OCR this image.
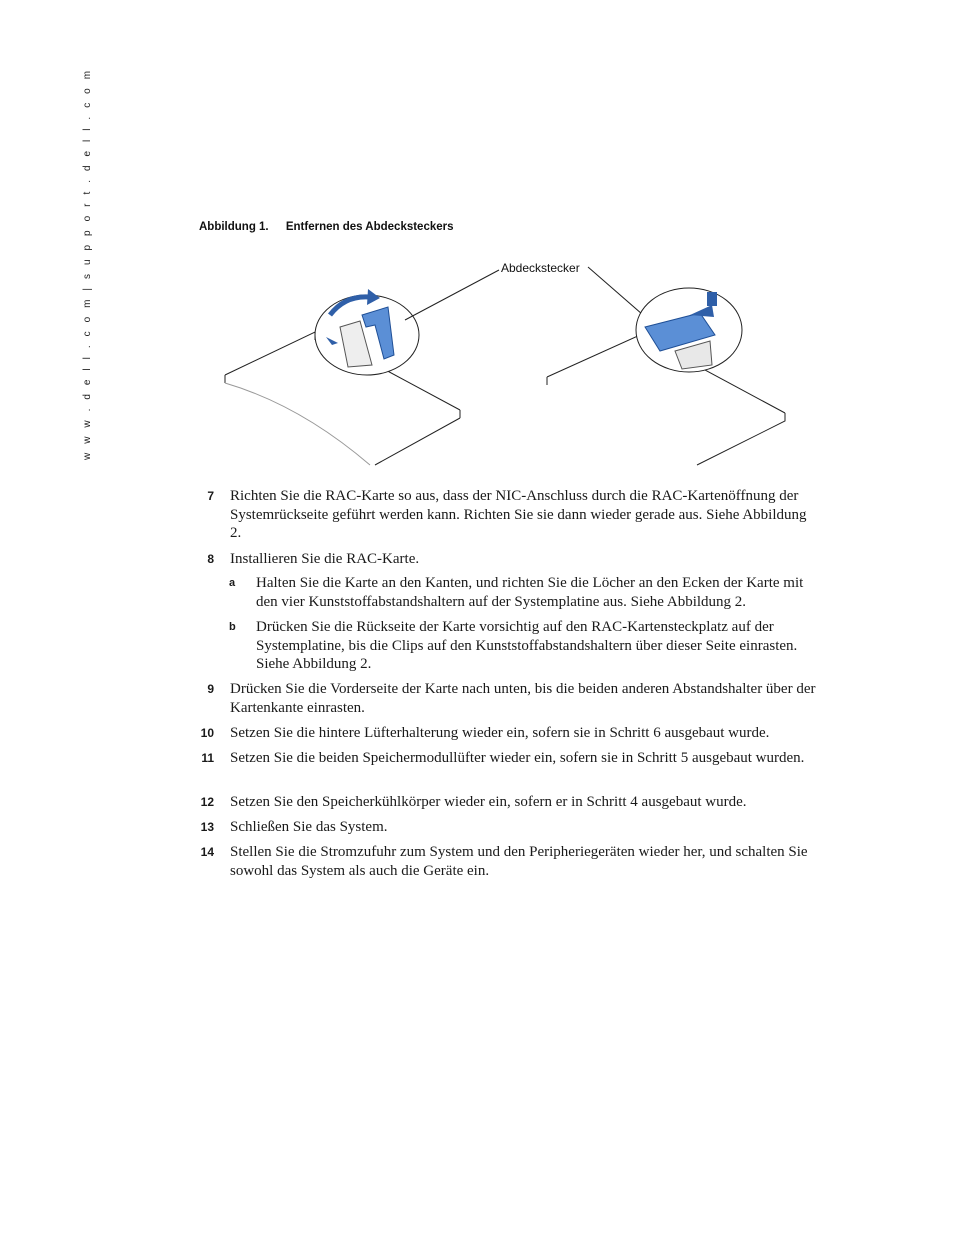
w w w . d e l l . c o m | s u p p o r t . d e l l . c o m	Abbildung 1. Entfernen des Abdecksteckers
Abdeckstecker
7 Richten Sie die RAC-Karte so aus, dass der NIC-Anschluss durch die RAC-Kartenöffnung der Systemrückseite geführt werden kann. Richten Sie sie dann wieder gerade aus. Siehe Abbildung 2.
8 Installieren Sie die RAC-Karte.
a Halten Sie die Karte an den Kanten, und richten Sie die Löcher an den Ecken der Karte mit den vier Kunststoffabstandshaltern auf der Systemplatine aus. Siehe Abbildung 2.
b Drücken Sie die Rückseite der Karte vorsichtig auf den RAC-Kartensteckplatz auf der Systemplatine, bis die Clips auf den Kunststoffabstandshaltern über dieser Seite einrasten. Siehe Abbildung 2.
9 Drücken Sie die Vorderseite der Karte nach unten, bis die beiden anderen Abstandshalter über der Kartenkante einrasten.
10 Setzen Sie die hintere Lüfterhalterung wieder ein, sofern sie in Schritt 6 ausgebaut wurde.
11 Setzen Sie die beiden Speichermodullüfter wieder ein, sofern sie in Schritt 5 ausgebaut wurden.
12 Setzen Sie den Speicherkühlkörper wieder ein, sofern er in Schritt 4 ausgebaut wurde.
13 Schließen Sie das System.
14 Stellen Sie die Stromzufuhr zum System und den Peripheriegeräten wieder her, und schalten Sie sowohl das System als auch die Geräte ein.
